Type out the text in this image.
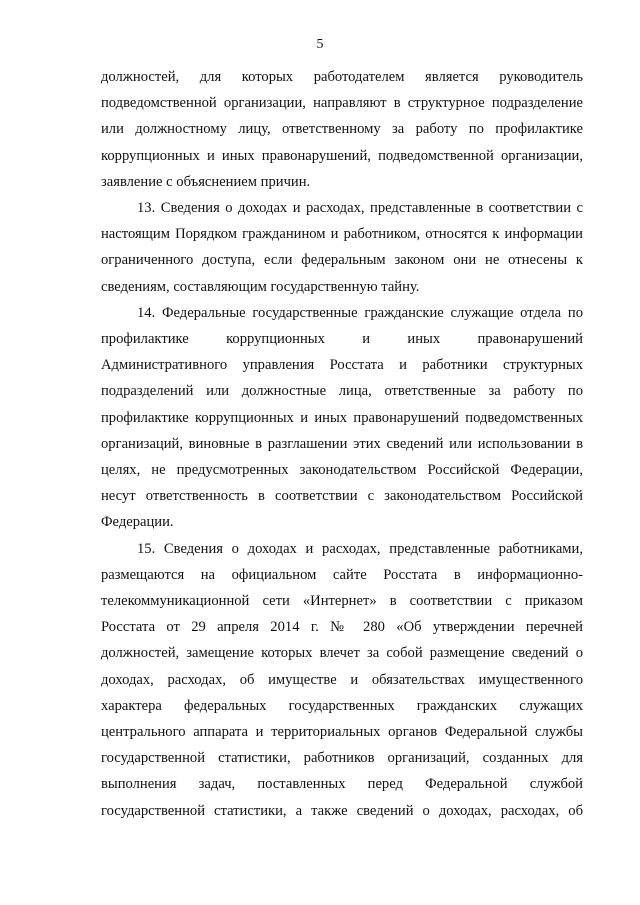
5

должностей, для которых работодателем является руководитель
подведомственной организации, направляют в структурное подразделение
или должностному лицу, ответственному за работу по профилактике
коррупционных и иных правонарушений, подведомственной организации,
заявление с объяснением причин.

13. Сведения о доходах и расходах, представленные в соответствии с
настоящим Порядком гражданином и работником, относятся к информации
ограниченного доступа, если федеральным законом они не отнесены к
сведениям, составляющим государственную тайну.

14. Федеральные государственные гражданские служащие отдела по
профилактике коррупционных и иных правонарушений
Административного управления Росстата и работники структурных
подразделений или должностные лица, ответственные за работу по
профилактике коррупционных и иных правонарушений подведомственных
организаций, виновные в разглашении этих сведений или использовании в
целях, не предусмотренных законодательством Российской Федерации,
несут ответственность в соответствии с законодательством Российской
Федерации.

15. Сведения о доходах и расходах, представленные работниками,
размещаются на официальном сайте Росстата в информационно-
телекоммуникационной сети «Интернет» в соответствии с приказом
Росстата от 29 апреля 2014 г. № 280 «Об утверждении перечней
должностей, замещение которых влечет за собой размещение сведений о
доходах, расходах, об имуществе и обязательствах имущественного
характера федеральных государственных гражданских служащих
центрального аппарата и территориальных органов Федеральной службы
государственной статистики, работников организаций, созданных для
выполнения задач, поставленных перед Федеральной службой
государственной статистики, а также сведений о доходах, расходах, об
